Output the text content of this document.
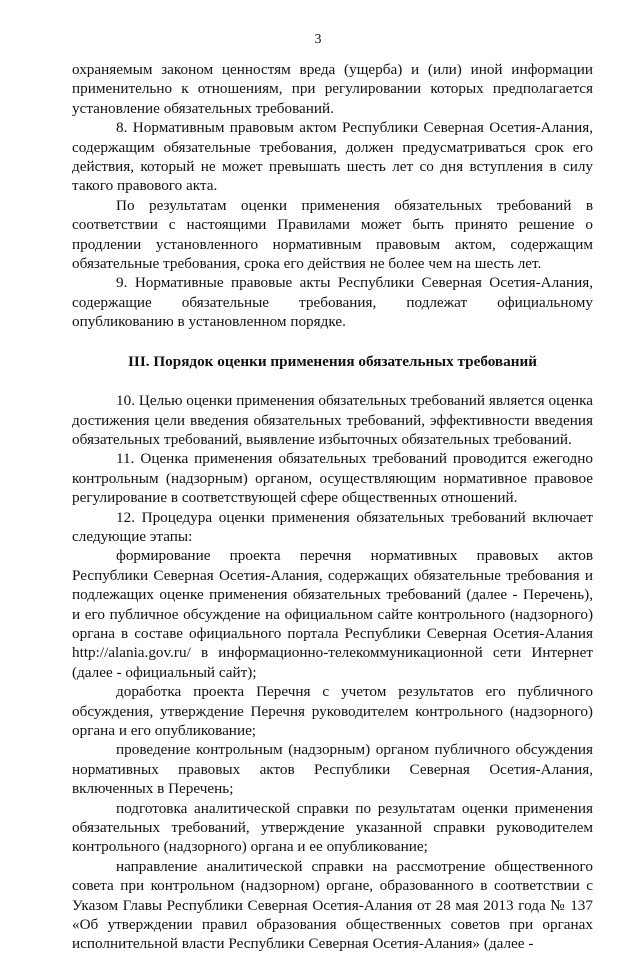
3

охраняемым законом ценностям вреда (ущерба) и (или) иной информации применительно к отношениям, при регулировании которых предполагается установление обязательных требований.

8. Нормативным правовым актом Республики Северная Осетия-Алания, содержащим обязательные требования, должен предусматриваться срок его действия, который не может превышать шесть лет со дня вступления в силу такого правового акта.

По результатам оценки применения обязательных требований в соответствии с настоящими Правилами может быть принято решение о продлении установленного нормативным правовым актом, содержащим обязательные требования, срока его действия не более чем на шесть лет.

9. Нормативные правовые акты Республики Северная Осетия-Алания, содержащие обязательные требования, подлежат официальному опубликованию в установленном порядке.

III. Порядок оценки применения обязательных требований

10. Целью оценки применения обязательных требований является оценка достижения цели введения обязательных требований, эффективности введения обязательных требований, выявление избыточных обязательных требований.

11. Оценка применения обязательных требований проводится ежегодно контрольным (надзорным) органом, осуществляющим нормативное правовое регулирование в соответствующей сфере общественных отношений.

12. Процедура оценки применения обязательных требований включает следующие этапы:

формирование проекта перечня нормативных правовых актов Республики Северная Осетия-Алания, содержащих обязательные требования и подлежащих оценке применения обязательных требований (далее - Перечень), и его публичное обсуждение на официальном сайте контрольного (надзорного) органа в составе официального портала Республики Северная Осетия-Алания http://alania.gov.ru/ в информационно-телекоммуникационной сети Интернет (далее - официальный сайт);

доработка проекта Перечня с учетом результатов его публичного обсуждения, утверждение Перечня руководителем контрольного (надзорного) органа и его опубликование;

проведение контрольным (надзорным) органом публичного обсуждения нормативных правовых актов Республики Северная Осетия-Алания, включенных в Перечень;

подготовка аналитической справки по результатам оценки применения обязательных требований, утверждение указанной справки руководителем контрольного (надзорного) органа и ее опубликование;

направление аналитической справки на рассмотрение общественного совета при контрольном (надзорном) органе, образованного в соответствии с Указом Главы Республики Северная Осетия-Алания от 28 мая 2013 года № 137 «Об утверждении правил образования общественных советов при органах исполнительной власти Республики Северная Осетия-Алания» (далее -
